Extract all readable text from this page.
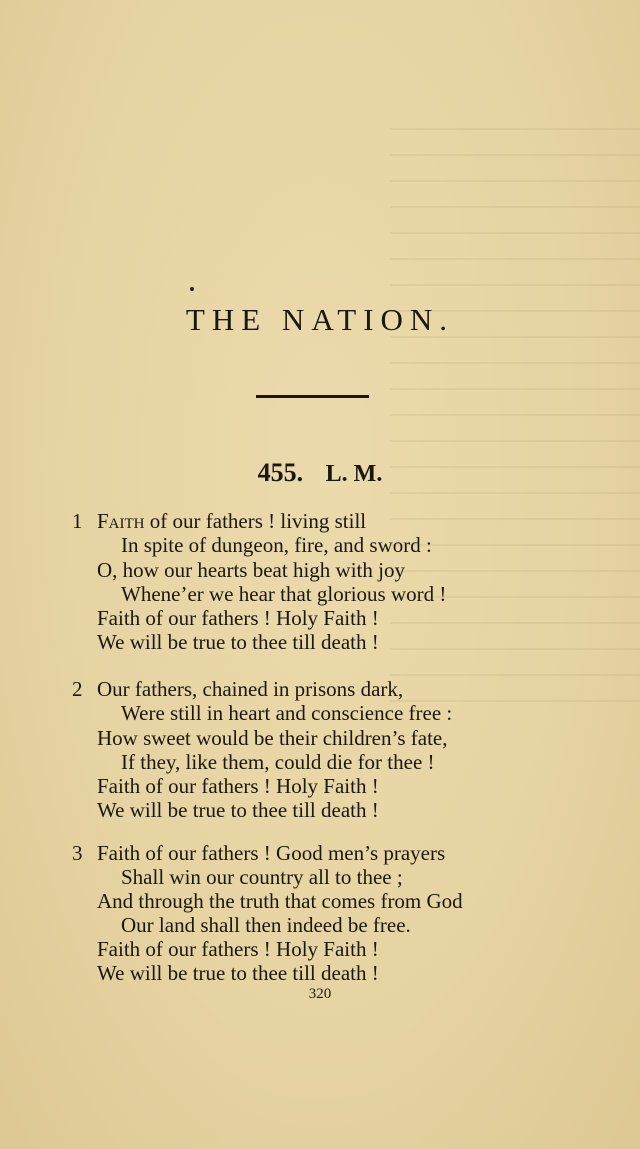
THE NATION.
455. L. M.
1 Faith of our fathers ! living still
In spite of dungeon, fire, and sword :
O, how our hearts beat high with joy
Whene’er we hear that glorious word !
Faith of our fathers ! Holy Faith !
We will be true to thee till death !
2 Our fathers, chained in prisons dark,
Were still in heart and conscience free :
How sweet would be their children’s fate,
If they, like them, could die for thee !
Faith of our fathers ! Holy Faith !
We will be true to thee till death !
3 Faith of our fathers ! Good men’s prayers
Shall win our country all to thee ;
And through the truth that comes from God
Our land shall then indeed be free.
Faith of our fathers ! Holy Faith !
We will be true to thee till death !
320
